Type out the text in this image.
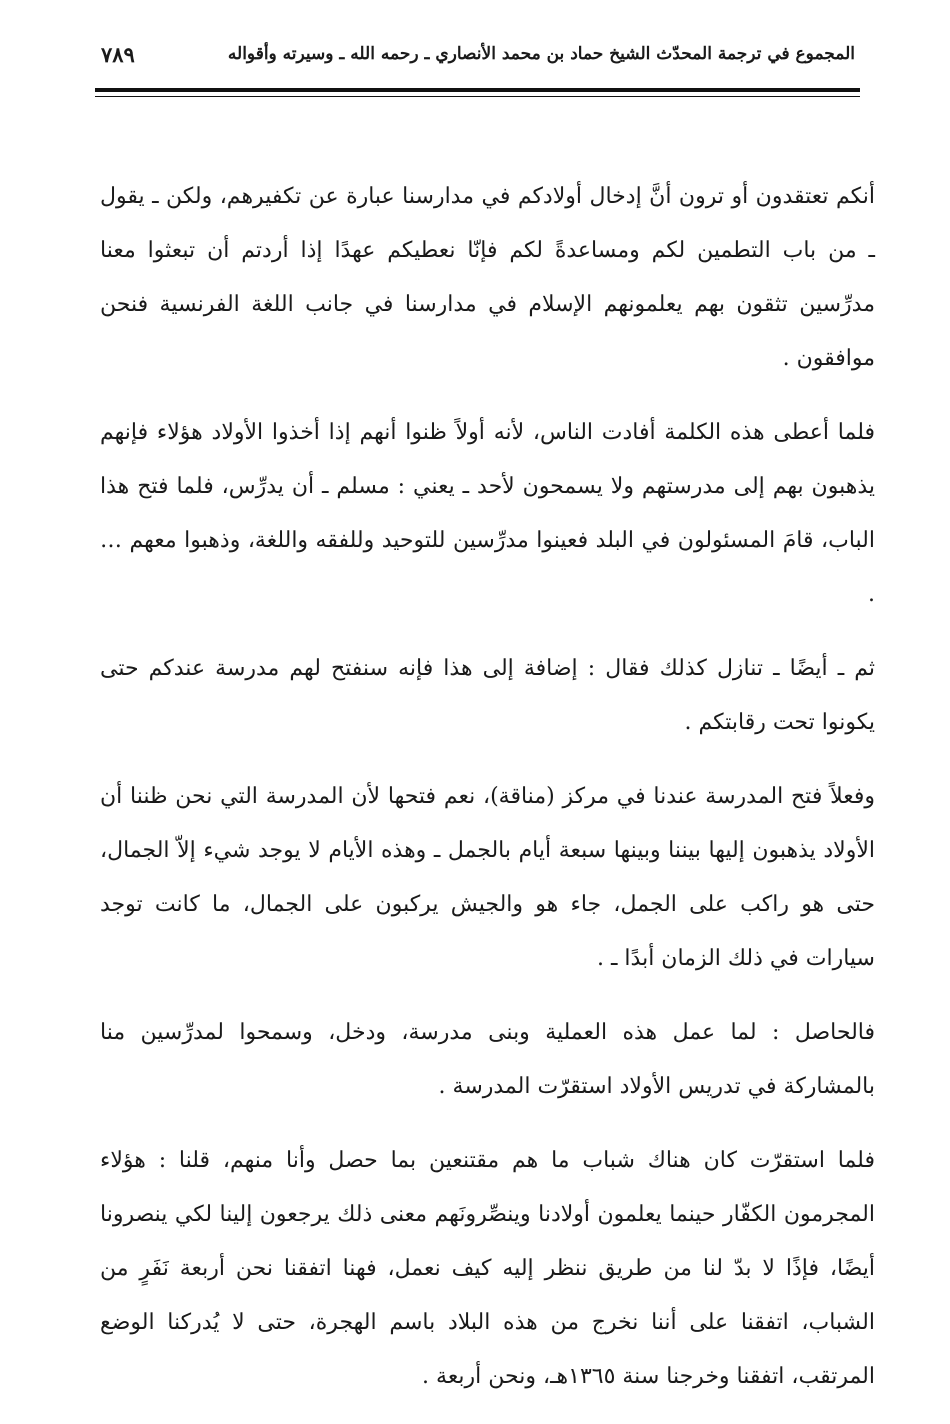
المجموع في ترجمة المحدّث الشيخ حماد بن محمد الأنصاري ـ رحمه الله ـ وسيرته وأقواله
٧٨٩

أنكم تعتقدون أو ترون أنَّ إدخال أولادكم في مدارسنا عبارة عن تكفيرهم، ولكن ـ يقول ـ من باب التطمين لكم ومساعدةً لكم فإنّا نعطيكم عهدًا إذا أردتم أن تبعثوا معنا مدرِّسين تثقون بهم يعلمونهم الإسلام في مدارسنا في جانب اللغة الفرنسية فنحن موافقون .

فلما أعطى هذه الكلمة أفادت الناس، لأنه أولاً ظنوا أنهم إذا أخذوا الأولاد هؤلاء فإنهم يذهبون بهم إلى مدرستهم ولا يسمحون لأحد ـ يعني : مسلم ـ أن يدرِّس، فلما فتح هذا الباب، قامَ المسئولون في البلد فعينوا مدرِّسين للتوحيد وللفقه واللغة، وذهبوا معهم … .

ثم ـ أيضًا ـ تنازل كذلك فقال : إضافة إلى هذا فإنه سنفتح لهم مدرسة عندكم حتى يكونوا تحت رقابتكم .

وفعلاً فتح المدرسة عندنا في مركز (مناقة)، نعم فتحها لأن المدرسة التي نحن ظننا أن الأولاد يذهبون إليها بيننا وبينها سبعة أيام بالجمل ـ وهذه الأيام لا يوجد شيء إلاّ الجمال، حتى هو راكب على الجمل، جاء هو والجيش يركبون على الجمال، ما كانت توجد سيارات في ذلك الزمان أبدًا ـ .

فالحاصل : لما عمل هذه العملية وبنى مدرسة، ودخل، وسمحوا لمدرِّسين منا بالمشاركة في تدريس الأولاد استقرّت المدرسة .

فلما استقرّت كان هناك شباب ما هم مقتنعين بما حصل وأنا منهم، قلنا : هؤلاء المجرمون الكفّار حينما يعلمون أولادنا وينصِّرونَهم معنى ذلك يرجعون إلينا لكي ينصرونا أيضًا، فإذًا لا بدّ لنا من طريق ننظر إليه كيف نعمل، فهنا اتفقنا نحن أربعة نَفَرٍ من الشباب، اتفقنا على أننا نخرج من هذه البلاد باسم الهجرة، حتى لا يُدركنا الوضع المرتقب، اتفقنا وخرجنا سنة ١٣٦٥هـ، ونحن أربعة .
